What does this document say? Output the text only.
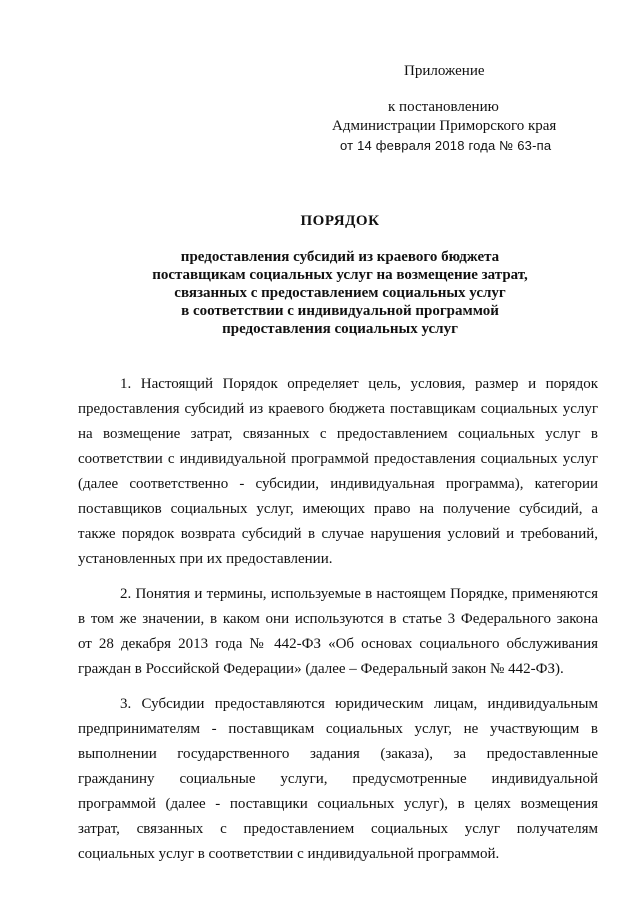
Приложение
к постановлению
Администрации Приморского края
от 14 февраля 2018 года № 63-па
ПОРЯДОК
предоставления субсидий из краевого бюджета
поставщикам социальных услуг на возмещение затрат,
связанных с предоставлением социальных услуг
в соответствии с индивидуальной программой
предоставления социальных услуг
1. Настоящий Порядок определяет цель, условия, размер и порядок
предоставления субсидий из краевого бюджета поставщикам социальных услуг
на возмещение затрат, связанных с предоставлением социальных услуг в
соответствии с индивидуальной программой предоставления социальных услуг
(далее соответственно - субсидии, индивидуальная программа), категории
поставщиков социальных услуг, имеющих право на получение субсидий, а
также порядок возврата субсидий в случае нарушения условий и требований,
установленных при их предоставлении.
2. Понятия и термины, используемые в настоящем Порядке, применяются
в том же значении, в каком они используются в статье 3 Федерального закона
от 28 декабря 2013 года № 442-ФЗ «Об основах социального обслуживания
граждан в Российской Федерации» (далее – Федеральный закон № 442-ФЗ).
3. Субсидии предоставляются юридическим лицам, индивидуальным
предпринимателям - поставщикам социальных услуг, не участвующим в
выполнении государственного задания (заказа), за предоставленные
гражданину социальные услуги, предусмотренные индивидуальной
программой (далее - поставщики социальных услуг), в целях возмещения
затрат, связанных с предоставлением социальных услуг получателям
социальных услуг в соответствии с индивидуальной программой.
